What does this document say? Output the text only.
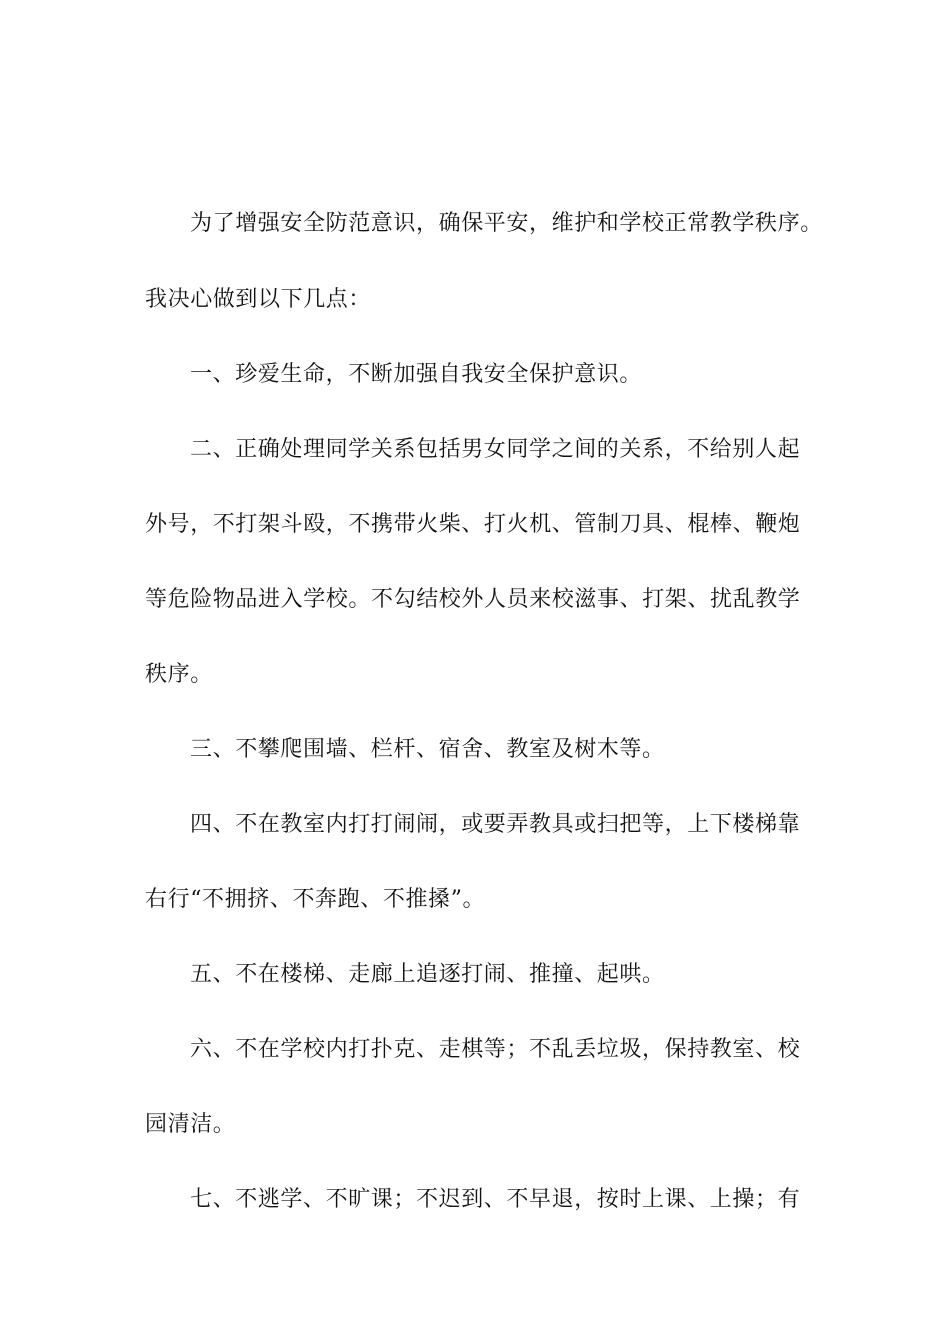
为了增强安全防范意识，确保平安，维护和学校正常教学秩序。
我决心做到以下几点：
一、珍爱生命，不断加强自我安全保护意识。
二、正确处理同学关系包括男女同学之间的关系，不给别人起
外号，不打架斗殴，不携带火柴、打火机、管制刀具、棍棒、鞭炮
等危险物品进入学校。不勾结校外人员来校滋事、打架、扰乱教学
秩序。
三、不攀爬围墙、栏杆、宿舍、教室及树木等。
四、不在教室内打打闹闹，或要弄教具或扫把等，上下楼梯靠
右行“不拥挤、不奔跑、不推搡”。
五、不在楼梯、走廊上追逐打闹、推撞、起哄。
六、不在学校内打扑克、走棋等；不乱丢垃圾，保持教室、校
园清洁。
七、不逃学、不旷课；不迟到、不早退，按时上课、上操；有
